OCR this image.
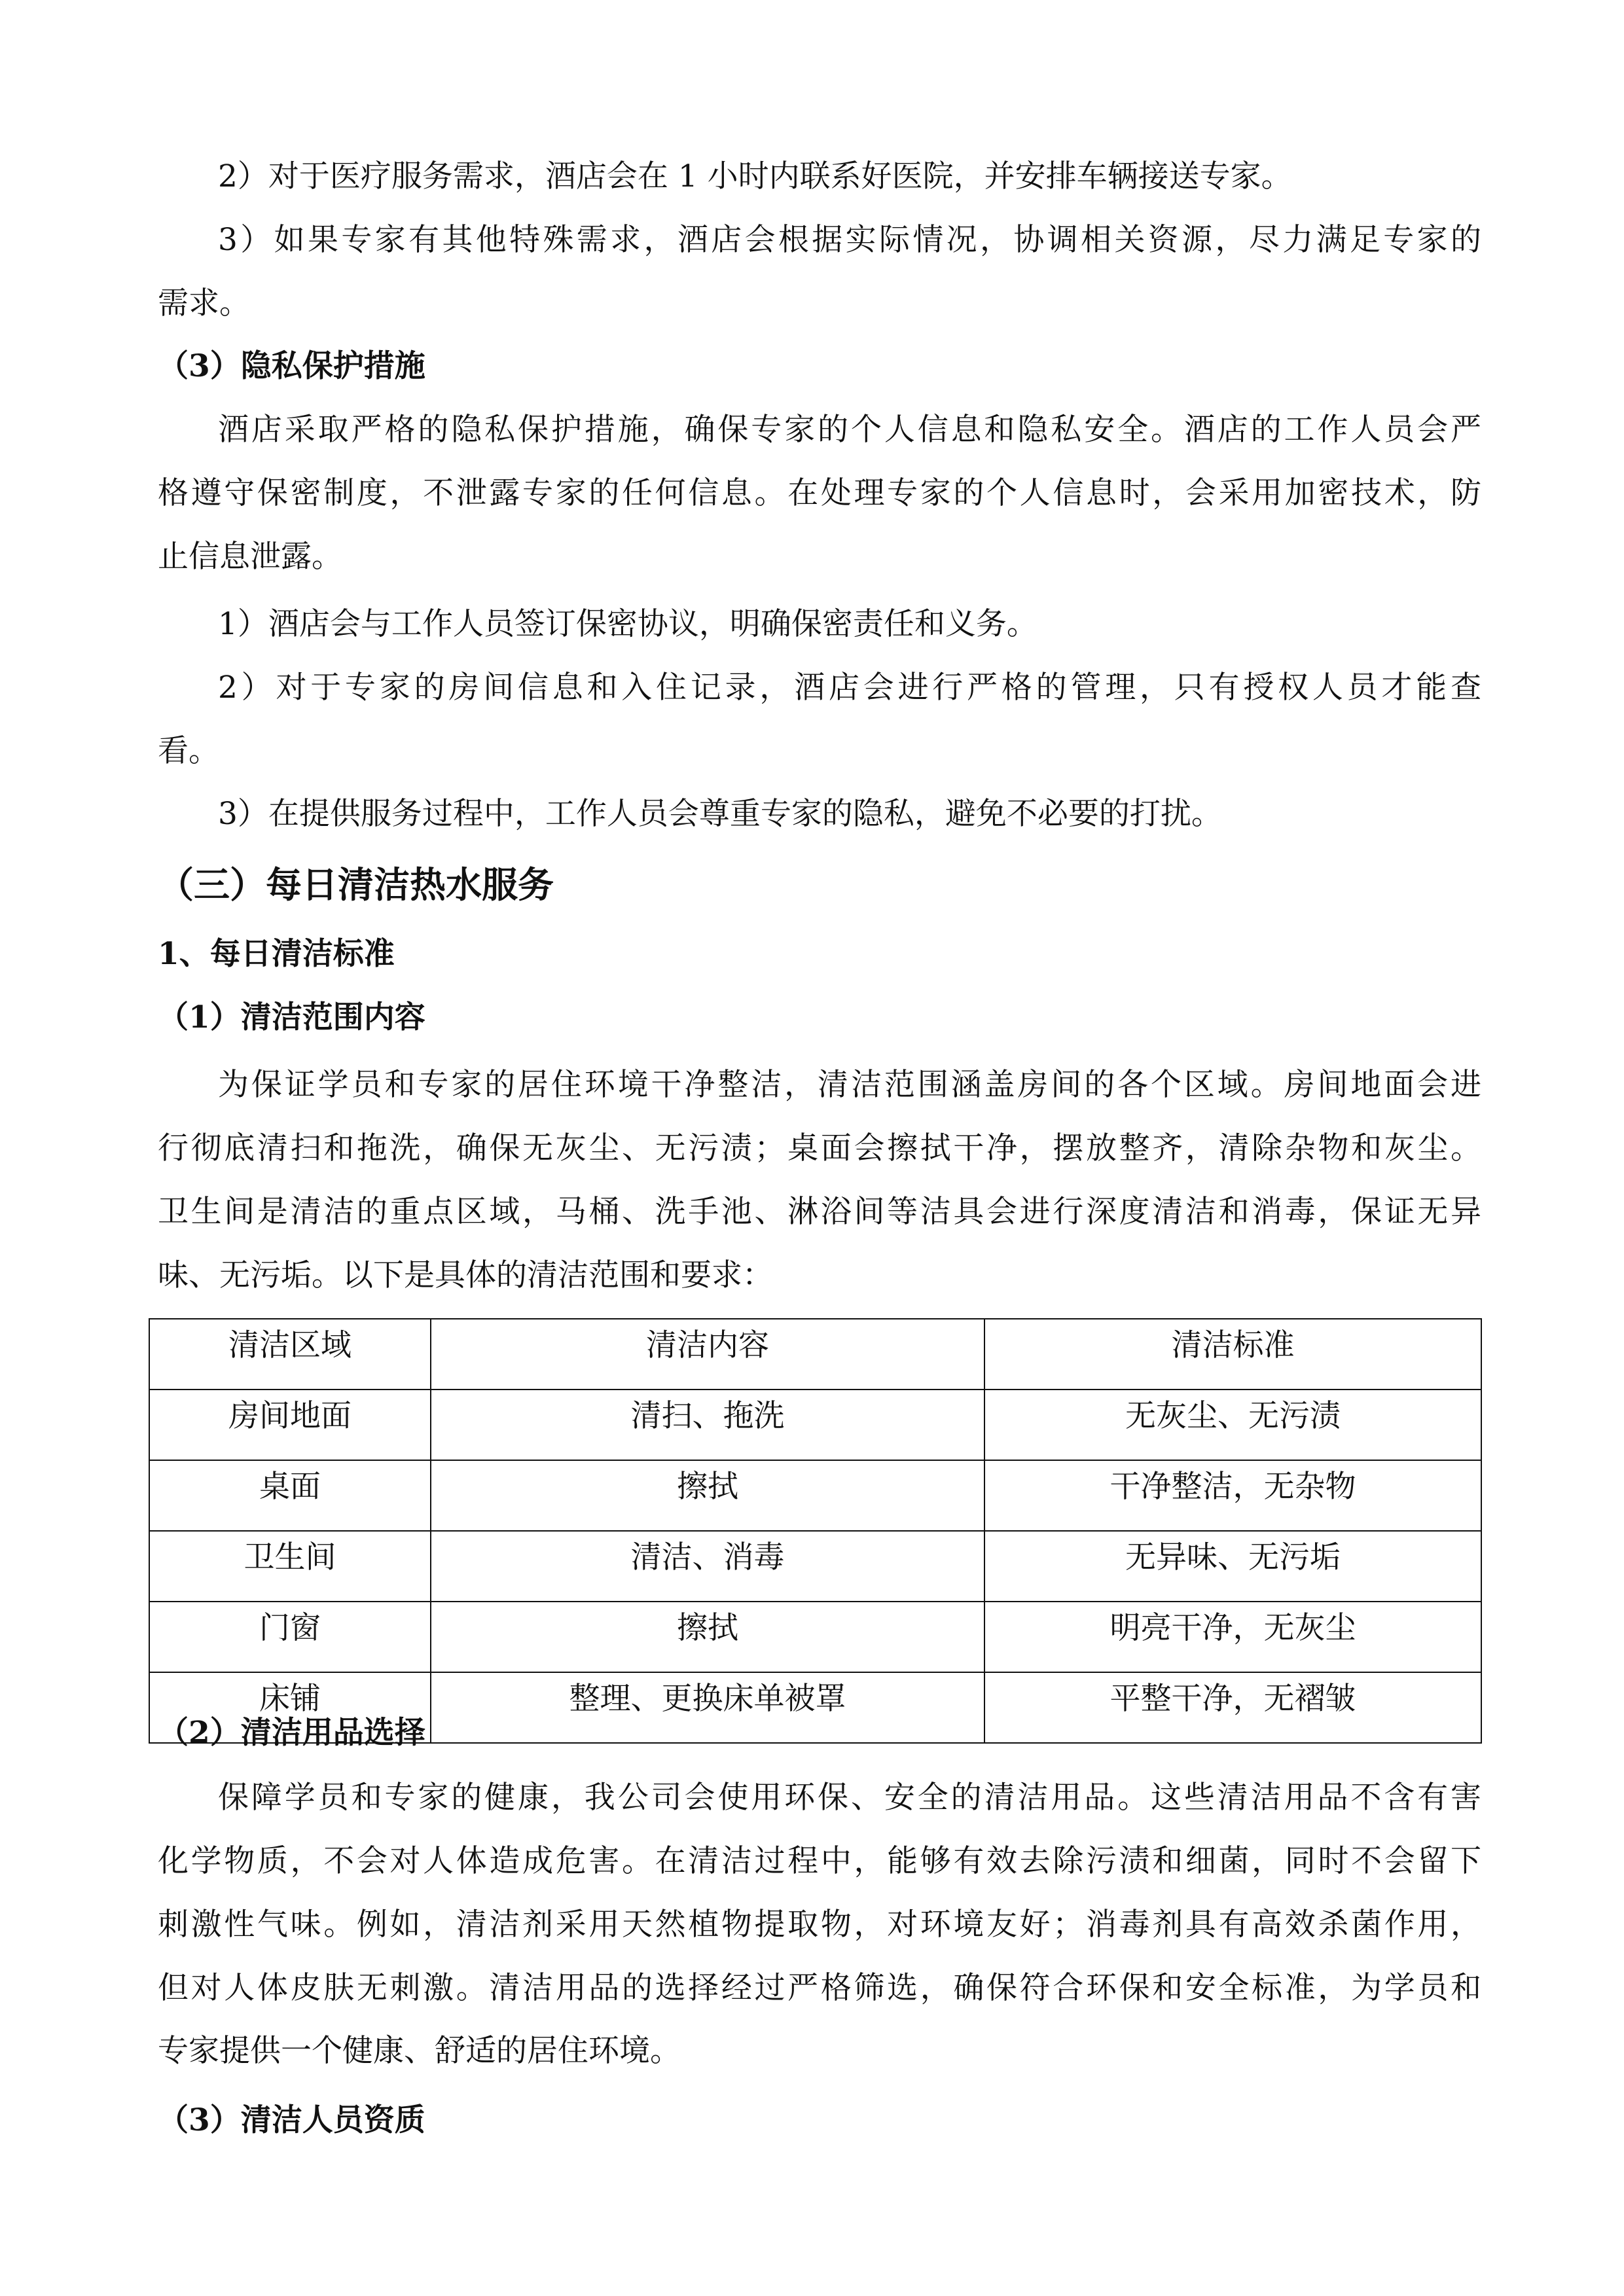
2）对于医疗服务需求，酒店会在 1 小时内联系好医院，并安排车辆接送专家。
3）如果专家有其他特殊需求，酒店会根据实际情况，协调相关资源，尽力满足专家的
需求。
（3）隐私保护措施
酒店采取严格的隐私保护措施，确保专家的个人信息和隐私安全。酒店的工作人员会严
格遵守保密制度，不泄露专家的任何信息。在处理专家的个人信息时，会采用加密技术，防
止信息泄露。
1）酒店会与工作人员签订保密协议，明确保密责任和义务。
2）对于专家的房间信息和入住记录，酒店会进行严格的管理，只有授权人员才能查
看。
3）在提供服务过程中，工作人员会尊重专家的隐私，避免不必要的打扰。
（三）每日清洁热水服务
1、每日清洁标准
（1）清洁范围内容
为保证学员和专家的居住环境干净整洁，清洁范围涵盖房间的各个区域。房间地面会进
行彻底清扫和拖洗，确保无灰尘、无污渍；桌面会擦拭干净，摆放整齐，清除杂物和灰尘。
卫生间是清洁的重点区域，马桶、洗手池、淋浴间等洁具会进行深度清洁和消毒，保证无异
味、无污垢。以下是具体的清洁范围和要求：
清洁区域	清洁内容	清洁标准
房间地面	清扫、拖洗	无灰尘、无污渍
桌面	擦拭	干净整洁，无杂物
卫生间	清洁、消毒	无异味、无污垢
门窗	擦拭	明亮干净，无灰尘
床铺	整理、更换床单被罩	平整干净，无褶皱
（2）清洁用品选择
保障学员和专家的健康，我公司会使用环保、安全的清洁用品。这些清洁用品不含有害
化学物质，不会对人体造成危害。在清洁过程中，能够有效去除污渍和细菌，同时不会留下
刺激性气味。例如，清洁剂采用天然植物提取物，对环境友好；消毒剂具有高效杀菌作用，
但对人体皮肤无刺激。清洁用品的选择经过严格筛选，确保符合环保和安全标准，为学员和
专家提供一个健康、舒适的居住环境。
（3）清洁人员资质
